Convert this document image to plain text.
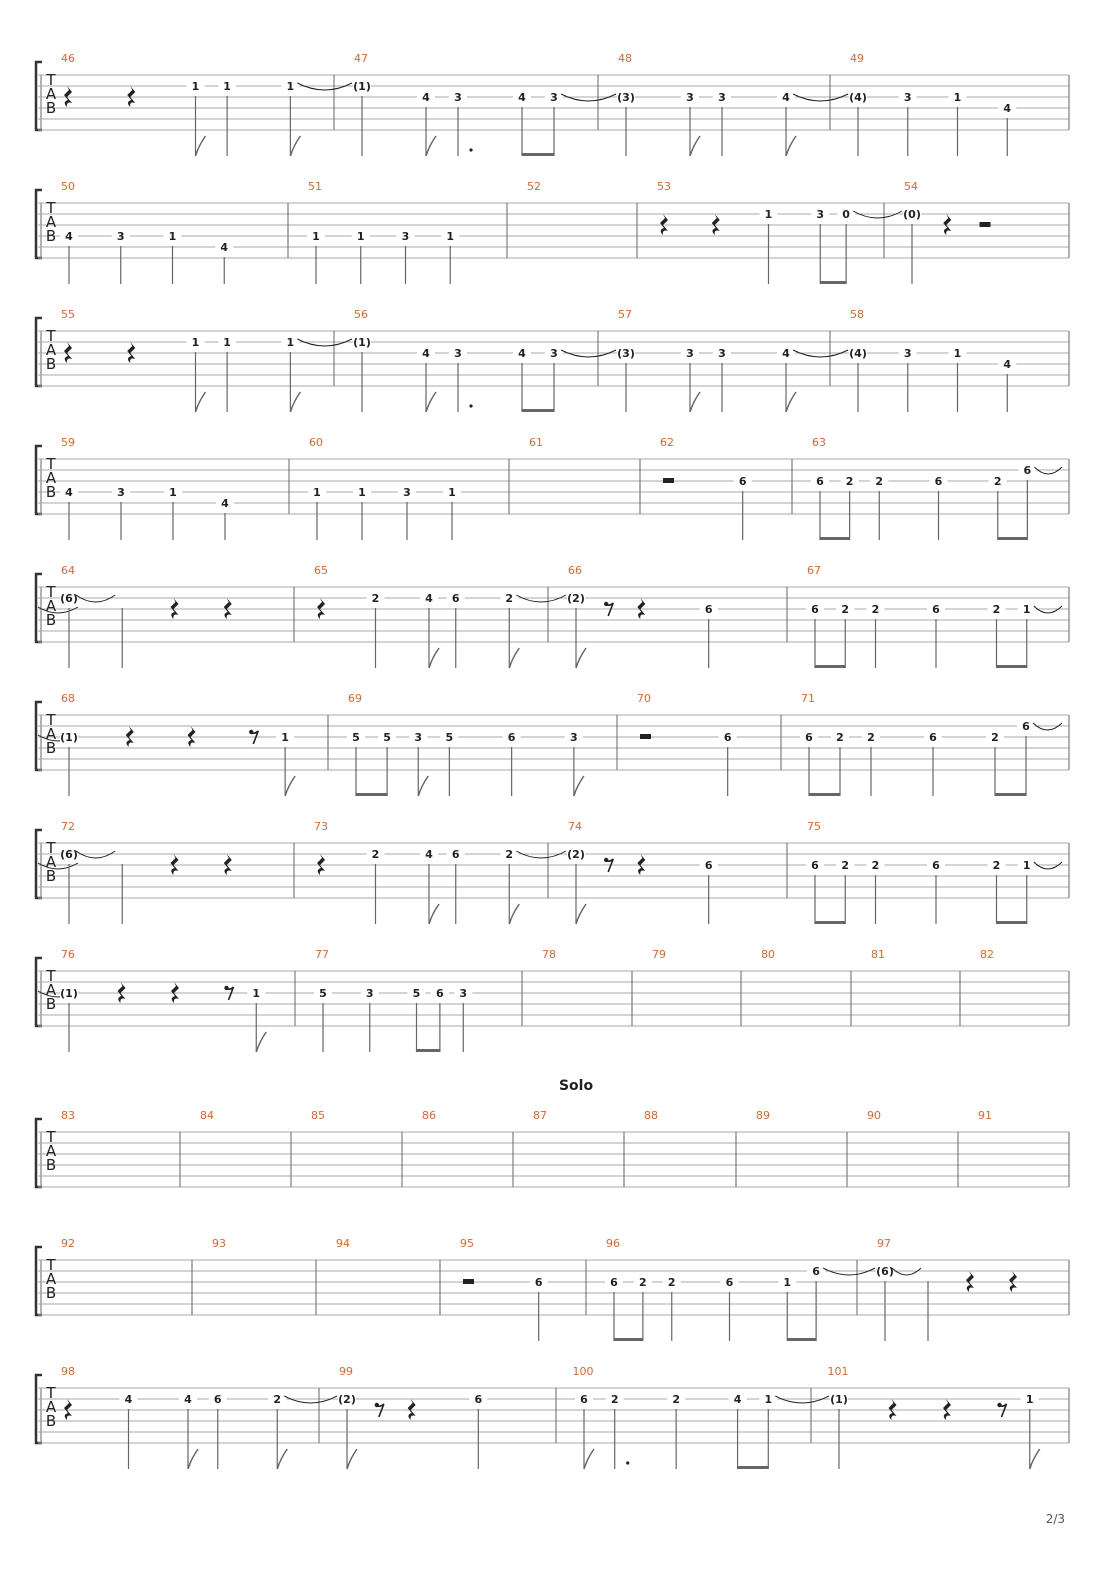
T
A
B
46
1 1	1
47
(1)
4 3	4 3
48
(3)	3 3	4
49
(4)	3	1
4
T
A
B
50
4	3	1
4
51
1	1	3	1
52	53
1	3 0
54
(0)
T
A
B
55
1 1	1
56
(1)
4 3	4 3
57
(3)	3 3	4
58
(4)	3	1
4
T
A
B
59
4	3	1
4
60
1	1	3	1
61	62
6
63
6 2 2	6	2
6
T
A
B
64
(6)
65
2	4 6	2
66
(2)
6
67
6 2 2	6	2 1
T
A
B
68
(1)	1
69
5 5 3 5	6	3
70
6
71
6 2 2	6	2
6
T
A
B
72
(6)
73
2	4 6	2
74
(2)
6
75
6 2 2	6	2 1
T
A
B
76
(1)	1
77
5	3	5 6 3
78	79	80	81	82
T
A
B
Solo
83	84	85	86	87	88	89	90	91
T
A
B
92	93	94	95
6
96
6 2 2	6	1
6
97
(6)
T
A
B
98
4	4 6	2
99
(2)	6
100
6 2	2	4 1
101
(1)	1
2/3
